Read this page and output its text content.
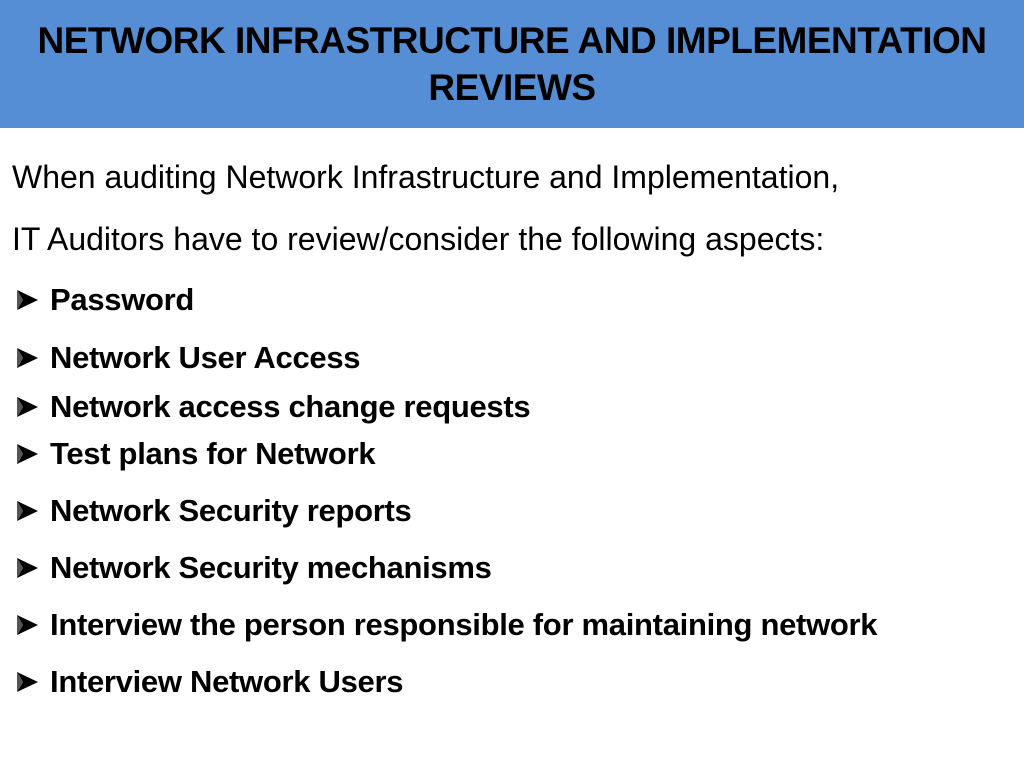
NETWORK INFRASTRUCTURE AND IMPLEMENTATION
REVIEWS
When auditing Network Infrastructure and Implementation,
IT Auditors have to review/consider the following aspects:
Password
Network User Access
Network access change requests
Test plans for Network
Network Security reports
Network Security mechanisms
Interview the person responsible for maintaining network
Interview Network Users
